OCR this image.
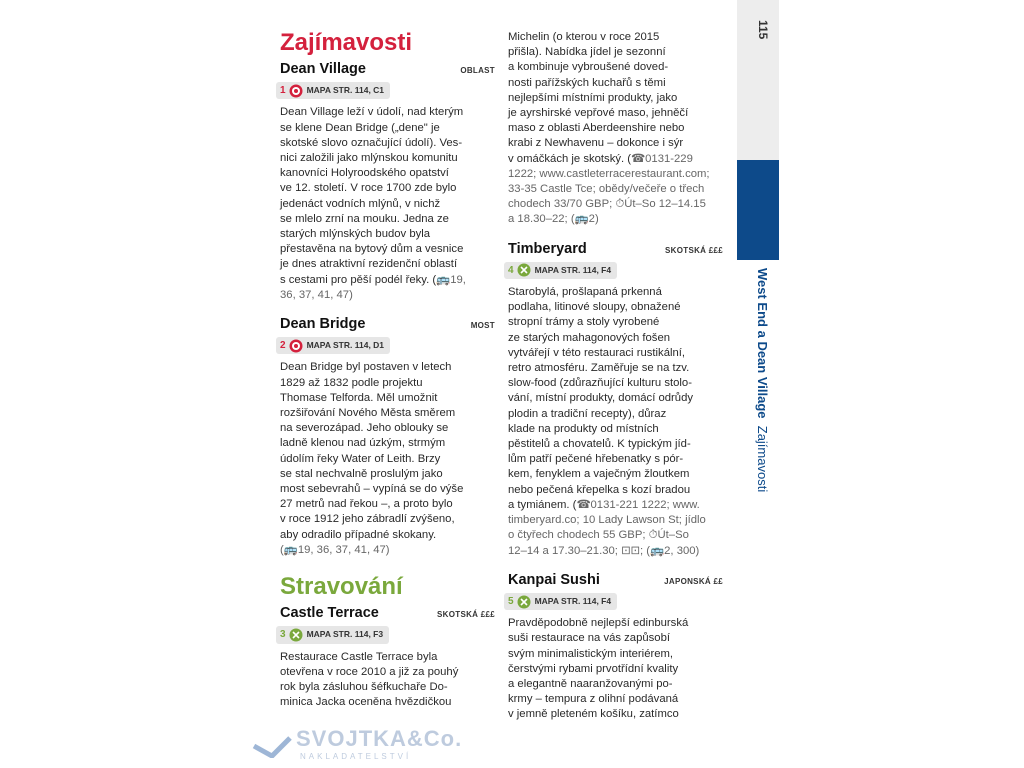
115
West End a Dean Village  Zajímavosti
Zajímavosti
Dean Village	OBLAST
1 MAPA STR. 114, C1
Dean Village leží v údolí, nad kterým
se klene Dean Bridge („dene" je
skotské slovo označující údolí). Ves-
nici založili jako mlýnskou komunitu
kanovníci Holyroodského opatství
ve 12. století. V roce 1700 zde bylo
jedenáct vodních mlýnů, v nichž
se mlelo zrní na mouku. Jedna ze
starých mlýnských budov byla
přestavěna na bytový dům a vesnice
je dnes atraktivní rezidenční oblastí
s cestami pro pěší podél řeky. (🚌19,
36, 37, 41, 47)
Dean Bridge	MOST
2 MAPA STR. 114, D1
Dean Bridge byl postaven v letech
1829 až 1832 podle projektu
Thomase Telforda. Měl umožnit
rozšiřování Nového Města směrem
na severozápad. Jeho oblouky se
ladně klenou nad úzkým, strmým
údolím řeky Water of Leith. Brzy
se stal nechvalně proslulým jako
most sebevrahů – vypíná se do výše
27 metrů nad řekou –, a proto bylo
v roce 1912 jeho zábradlí zvýšeno,
aby odradilo případné skokany.
(🚌19, 36, 37, 41, 47)
Stravování
Castle Terrace	SKOTSKÁ £££
3 MAPA STR. 114, F3
Restaurace Castle Terrace byla
otevřena v roce 2010 a již za pouhý
rok byla zásluhou šéfkuchaře Do-
minica Jacka oceněna hvězdičkou
Michelin (o kterou v roce 2015
přišla). Nabídka jídel je sezonní
a kombinuje vybroušené doved-
nosti pařížských kuchařů s těmi
nejlepšími místními produkty, jako
je ayrshirské vepřové maso, jehněčí
maso z oblasti Aberdeenshire nebo
krabi z Newhavenu – dokonce i sýr
v omáčkách je skotský. (☎0131-229
1222; www.castleterracerestaurant.com;
33-35 Castle Tce; obědy/večeře o třech
chodech 33/70 GBP; ⏱Út–So 12–14.15
a 18.30–22; (🚌2)
Timberyard	SKOTSKÁ £££
4 MAPA STR. 114, F4
Starobylá, prošlapaná prkenná
podlaha, litinové sloupy, obnažené
stropní trámy a stoly vyrobené
ze starých mahagonových fošen
vytvářejí v této restauraci rustikální,
retro atmosféru. Zaměřuje se na tzv.
slow-food (zdůrazňující kulturu stolo-
vání, místní produkty, domácí odrůdy
plodin a tradiční recepty), důraz
klade na produkty od místních
pěstitelů a chovatelů. K typickým jíd-
lům patří pečené hřebenatky s pór-
kem, fenyklem a vaječným žloutkem
nebo pečená křepelka s kozí bradou
a tymiánem. (☎0131-221 1222; www.
timberyard.co; 10 Lady Lawson St; jídlo
o čtyřech chodech 55 GBP; ⏱Út–So
12–14 a 17.30–21.30; ⊡⊡; (🚌2, 300)
Kanpai Sushi	JAPONSKÁ ££
5 MAPA STR. 114, F4
Pravděpodobně nejlepší edinburská
suši restaurace na vás zapůsobí
svým minimalistickým interiérem,
čerstvými rybami prvotřídní kvality
a elegantně naaranžovanými po-
krmy – tempura z olihní podávaná
v jemně pleteném košíku, zatímco
SVOJTKA&Co.
NAKLADATELSTVÍ
